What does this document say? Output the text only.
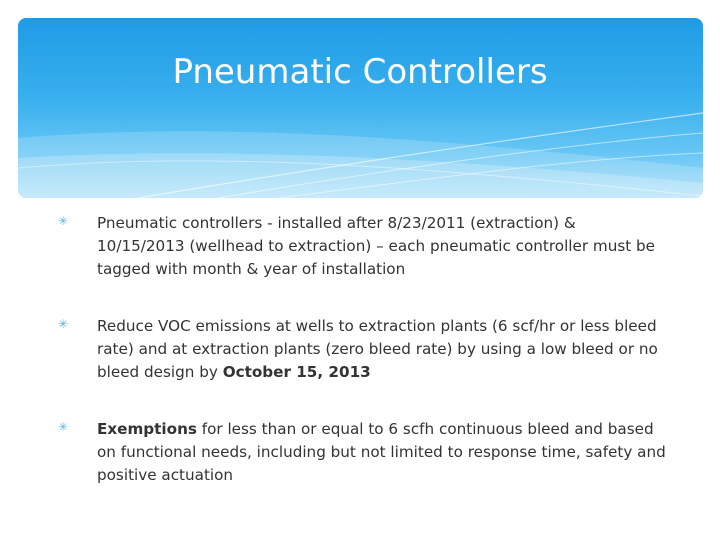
Pneumatic Controllers
✳	Pneumatic controllers - installed after 8/23/2011 (extraction) & 10/15/2013 (wellhead to extraction) – each pneumatic controller must be tagged with month & year of installation
✳	Reduce VOC emissions at wells to extraction plants (6 scf/hr or less bleed rate) and at extraction plants (zero bleed rate) by using a low bleed or no bleed design by October 15, 2013
✳	Exemptions for less than or equal to 6 scfh continuous bleed and based on functional needs, including but not limited to response time, safety and positive actuation
